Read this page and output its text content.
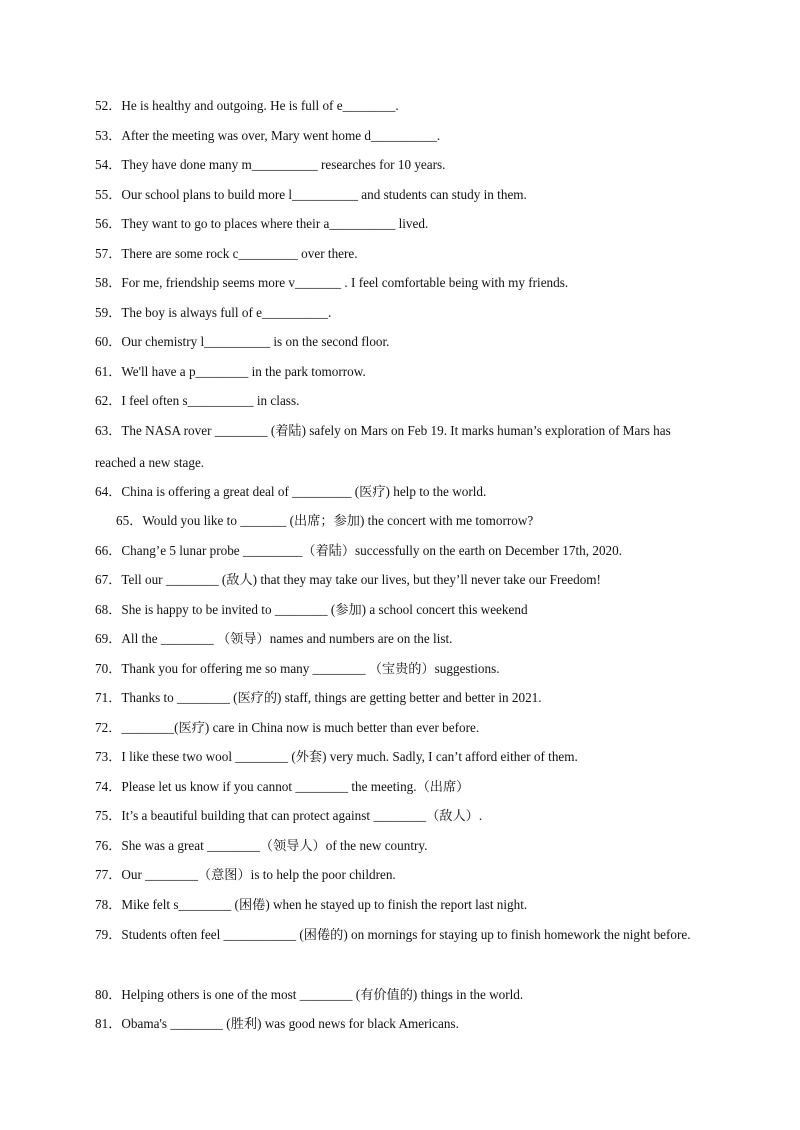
52．He is healthy and outgoing. He is full of e________.
53．After the meeting was over, Mary went home d__________.
54．They have done many m__________ researches for 10 years.
55．Our school plans to build more l__________ and students can study in them.
56．They want to go to places where their a__________ lived.
57．There are some rock c_________ over there.
58．For me, friendship seems more v_______ . I feel comfortable being with my friends.
59．The boy is always full of e__________.
60．Our chemistry l__________ is on the second floor.
61．We'll have a p________ in the park tomorrow.
62．I feel often s__________ in class.
63．The NASA rover ________ (着陆) safely on Mars on Feb 19. It marks human’s exploration of Mars has reached a new stage.
64．China is offering a great deal of _________ (医疗) help to the world.
65．Would you like to _______ (出席；参加) the concert with me tomorrow?
66．Chang’e 5 lunar probe _________（着陆）successfully on the earth on December 17th, 2020.
67．Tell our ________ (敌人) that they may take our lives, but they’ll never take our Freedom!
68．She is happy to be invited to ________ (参加) a school concert this weekend
69．All the ________ （领导）names and numbers are on the list.
70．Thank you for offering me so many ________ （宝贵的）suggestions.
71．Thanks to ________ (医疗的) staff, things are getting better and better in 2021.
72．________(医疗) care in China now is much better than ever before.
73．I like these two wool ________ (外套) very much. Sadly, I can’t afford either of them.
74．Please let us know if you cannot ________ the meeting.（出席）
75．It’s a beautiful building that can protect against ________（敌人）.
76．She was a great ________（领导人）of the new country.
77．Our ________（意图）is to help the poor children.
78．Mike felt s________ (困倦) when he stayed up to finish the report last night.
79．Students often feel ___________ (困倦的) on mornings for staying up to finish homework the night before.
80．Helping others is one of the most ________ (有价值的) things in the world.
81．Obama's ________ (胜利) was good news for black Americans.
